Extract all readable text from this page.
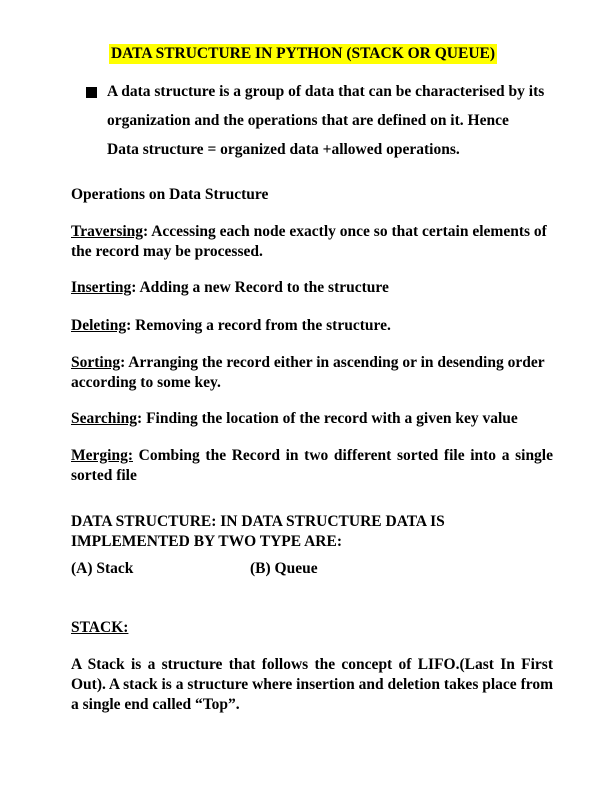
DATA STRUCTURE IN PYTHON (STACK OR QUEUE)
A data structure is a group of data that can be characterised by its
organization and the operations that are defined on it. Hence
Data structure = organized data +allowed operations.
Operations on Data Structure
Traversing: Accessing each node exactly once so that certain elements of the record may be processed.
Inserting: Adding a new Record to the structure
Deleting: Removing a record from the structure.
Sorting: Arranging the record either in ascending or in desending order according to some key.
Searching: Finding the location of the record with a given key value
Merging: Combing the Record in two different sorted file into a single sorted file
DATA STRUCTURE: IN DATA STRUCTURE DATA IS IMPLEMENTED BY TWO TYPE ARE:
(A) Stack	(B) Queue
STACK:
A Stack is a structure that follows the concept of LIFO.(Last In First Out). A stack is a structure where insertion and deletion takes place from a single end called “Top”.
